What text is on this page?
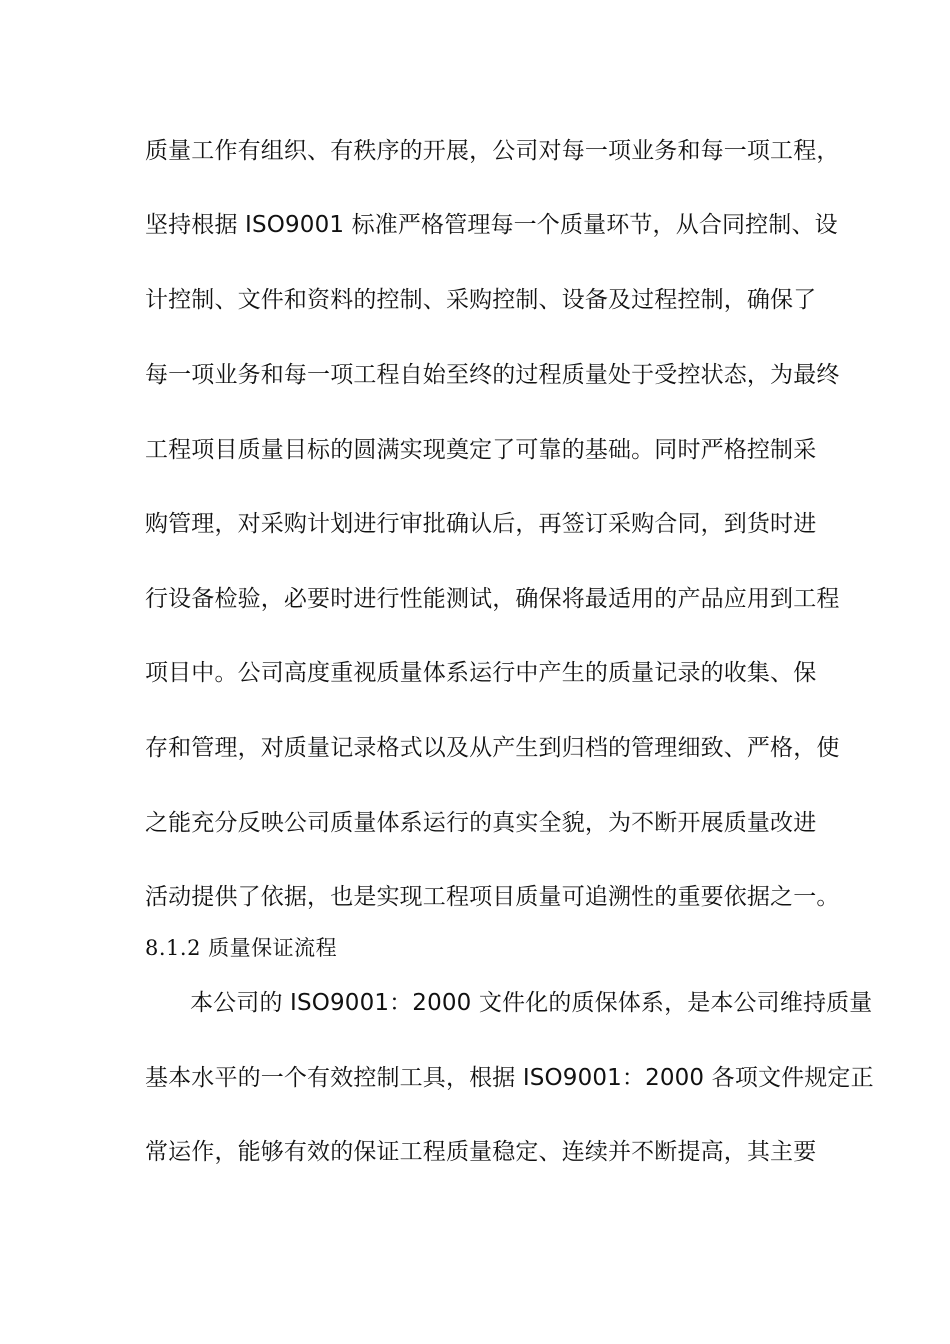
质量工作有组织、有秩序的开展，公司对每一项业务和每一项工程，
坚持根据 ISO9001 标准严格管理每一个质量环节，从合同控制、设
计控制、文件和资料的控制、采购控制、设备及过程控制，确保了
每一项业务和每一项工程自始至终的过程质量处于受控状态，为最终
工程项目质量目标的圆满实现奠定了可靠的基础。同时严格控制采
购管理，对采购计划进行审批确认后，再签订采购合同，到货时进
行设备检验，必要时进行性能测试，确保将最适用的产品应用到工程
项目中。公司高度重视质量体系运行中产生的质量记录的收集、保
存和管理，对质量记录格式以及从产生到归档的管理细致、严格，使
之能充分反映公司质量体系运行的真实全貌，为不断开展质量改进
活动提供了依据，也是实现工程项目质量可追溯性的重要依据之一。
8.1.2 质量保证流程
本公司的 ISO9001：2000 文件化的质保体系，是本公司维持质量
基本水平的一个有效控制工具，根据 ISO9001：2000 各项文件规定正
常运作，能够有效的保证工程质量稳定、连续并不断提高，其主要
